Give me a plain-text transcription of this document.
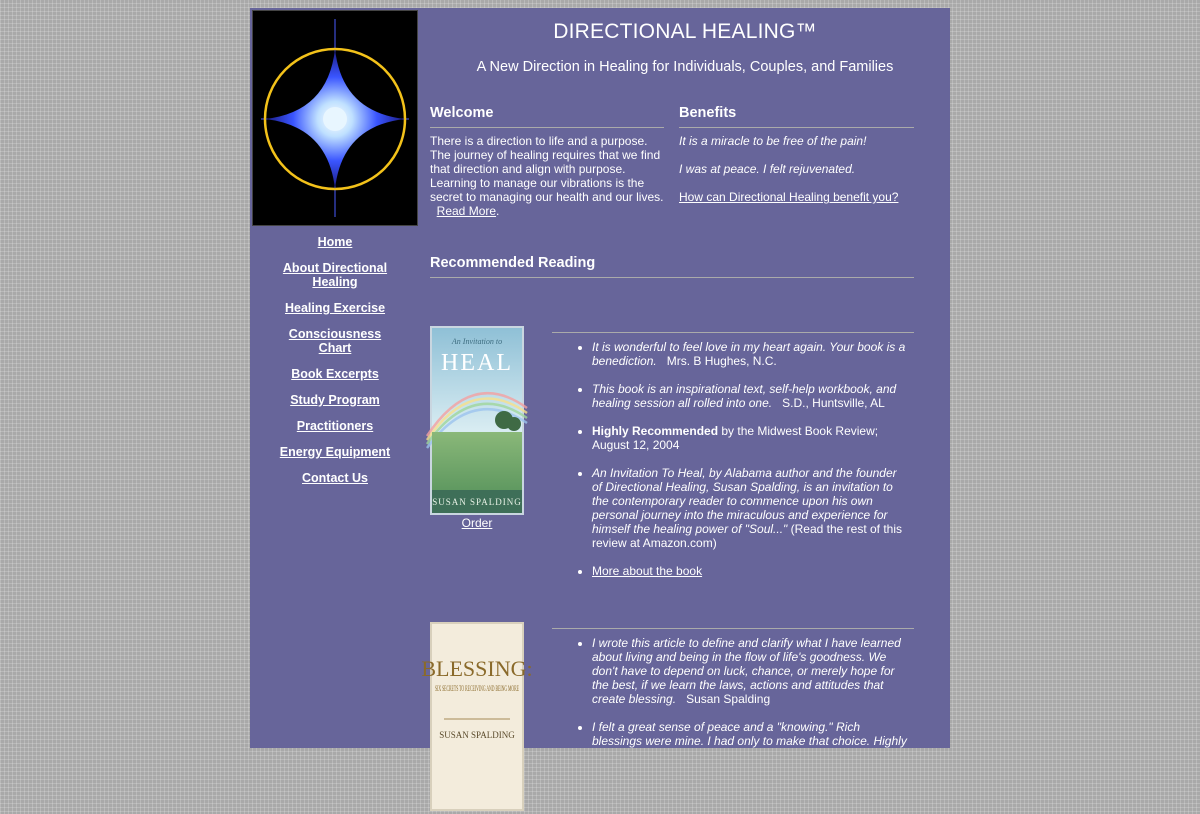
Home
About Directional Healing
Healing Exercise
Consciousness Chart
Book Excerpts
Study Program
Practitioners
Energy Equipment
Contact Us
DIRECTIONAL HEALING™
A New Direction in Healing for Individuals, Couples, and Families
Welcome
There is a direction to life and a purpose. The journey of healing requires that we find that direction and align with purpose. Learning to manage our vibrations is the secret to managing our health and our lives.   Read More.
Benefits

It is a miracle to be free of the pain!

I was at peace. I felt rejuvenated.

How can Directional Healing benefit you?
Recommended Reading
An Invitation to
HEAL
SUSAN SPALDING
Order
• It is wonderful to feel love in my heart again. Your book is a benediction. Mrs. B Hughes, N.C.
• This book is an inspirational text, self-help workbook, and healing session all rolled into one. S.D., Huntsville, AL
• Highly Recommended by the Midwest Book Review; August 12, 2004
• An Invitation To Heal, by Alabama author and the founder of Directional Healing, Susan Spalding, is an invitation to the contemporary reader to commence upon his own personal journey into the miraculous and experience for himself the healing power of "Soul..." (Read the rest of this review at Amazon.com)
• More about the book
BLESSING:
SIX SECRETS TO RECEIVING AND BEING MORE
SUSAN SPALDING
• I wrote this article to define and clarify what I have learned about living and being in the flow of life's goodness. We don't have to depend on luck, chance, or merely hope for the best, if we learn the laws, actions and attitudes that create blessing. Susan Spalding
• I felt a great sense of peace and a "knowing." Rich blessings were mine. I had only to make that choice. Highly
